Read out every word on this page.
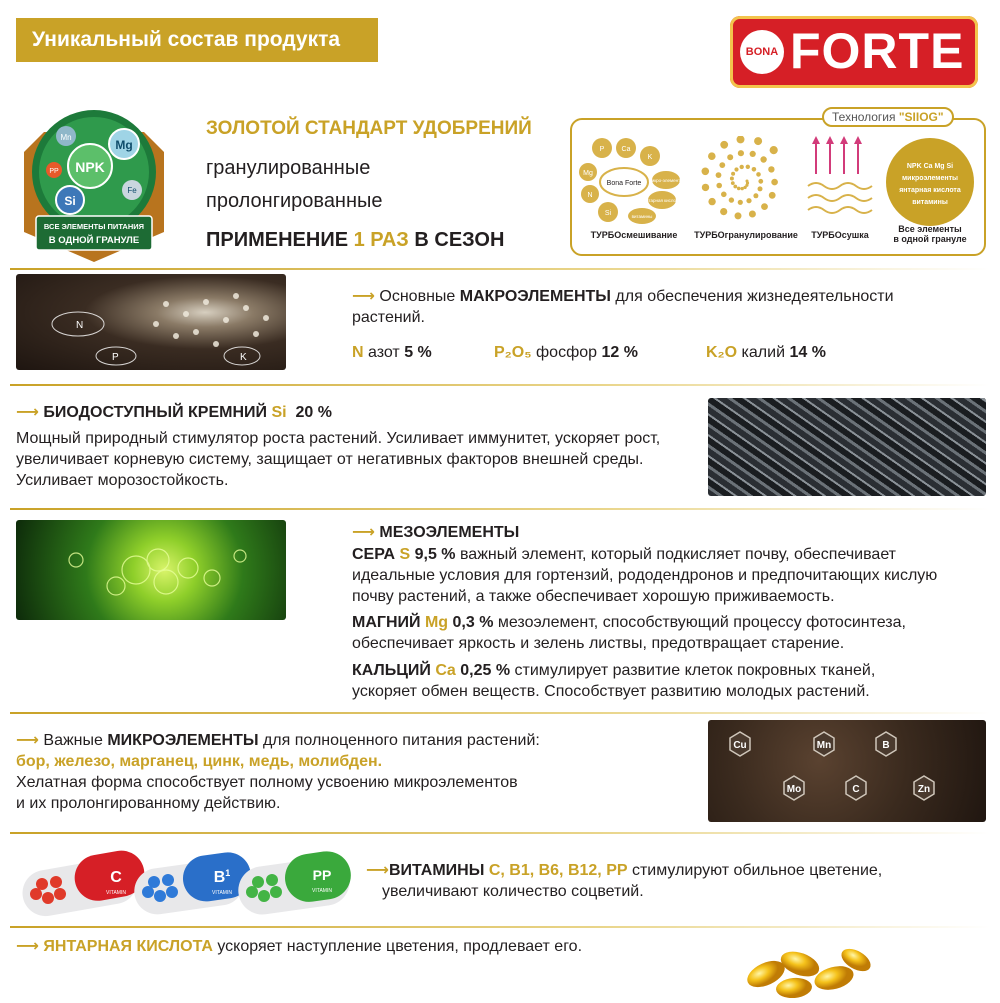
Уникальный состав продукта
BONA FORTE
NPK
Mg
Mn
Si
PP
Fe
ВСЕ ЭЛЕМЕНТЫ ПИТАНИЯ
В ОДНОЙ ГРАНУЛЕ
ЗОЛОТОЙ СТАНДАРТ УДОБРЕНИЙ
гранулированные
пролонгированные
ПРИМЕНЕНИЕ 1 РАЗ В СЕЗОН
P Ca
K
Mg
N
Si
Bona Forte микро-элементы
янтарная кислота
витамины
NPK Ca Mg Si
микроэлементы
янтарная кислота
витамины
ТУРБОсмешивание	ТУРБОгранулирование	ТУРБОсушка
Все элементы
в одной грануле
Технология "SIIOG"
N
P	K
⟶ Основные МАКРОЭЛЕМЕНТЫ для обеспечения жизнедеятельности
растений.
N азот 5 %	P₂O₅ фосфор 12 %	K₂O калий 14 %
⟶ БИОДОСТУПНЫЙ КРЕМНИЙ Si 20 %
Мощный природный стимулятор роста растений. Усиливает иммунитет, ускоряет рост,
увеличивает корневую систему, защищает от негативных факторов внешней среды.
Усиливает морозостойкость.
⟶ МЕЗОЭЛЕМЕНТЫ
СЕРА S 9,5 % важный элемент, который подкисляет почву, обеспечивает
идеальные условия для гортензий, рододендронов и предпочитающих кислую
почву растений, а также обеспечивает хорошую приживаемость.
МАГНИЙ Mg 0,3 % мезоэлемент, способствующий процессу фотосинтеза,
обеспечивает яркость и зелень листвы, предотвращает старение.
КАЛЬЦИЙ Ca 0,25 % стимулирует развитие клеток покровных тканей,
ускоряет обмен веществ. Способствует развитию молодых растений.
⟶ Важные МИКРОЭЛЕМЕНТЫ для полноценного питания растений:
бор, железо, марганец, цинк, медь, молибден.
Хелатная форма способствует полному усвоению микроэлементов
и их пролонгированному действию.
Cu	Mn	B
Mo	C	Zn
C
VITAMIN
$B^1$
VITAMIN
PP
VITAMIN
⟶ВИТАМИНЫ C, B1, B6, B12, PP стимулируют обильное цветение,
увеличивают количество соцветий.
⟶ ЯНТАРНАЯ КИСЛОТА ускоряет наступление цветения, продлевает его.
